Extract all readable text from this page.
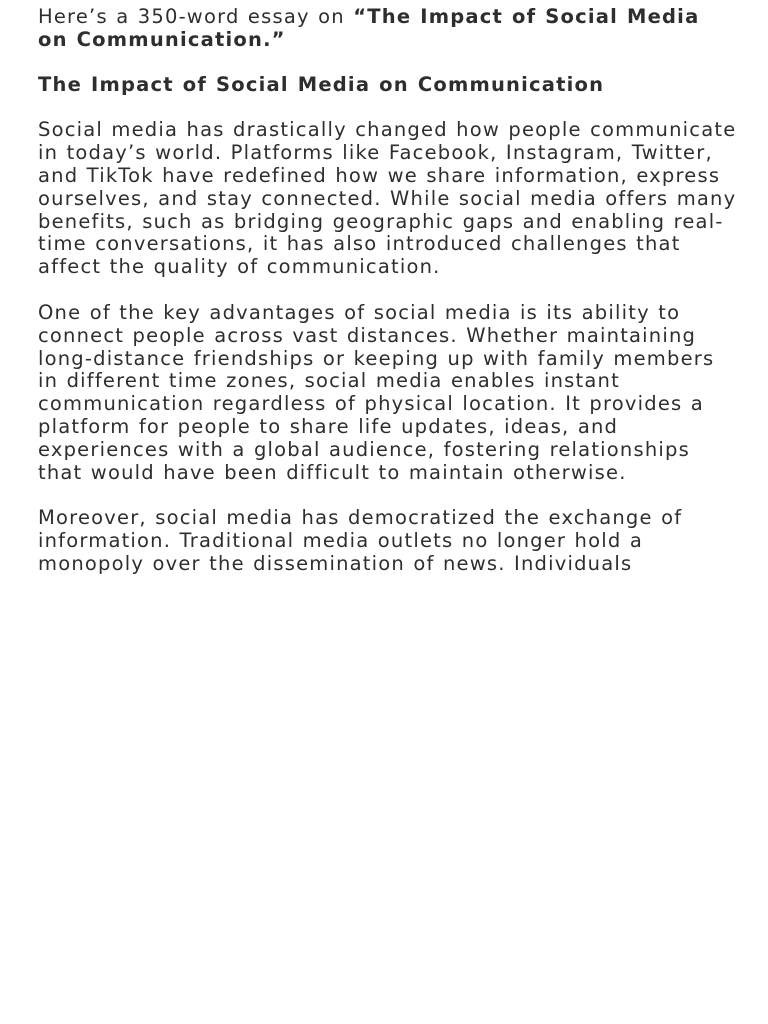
Here’s a 350-word essay on “The Impact of Social Media on Communication.”

The Impact of Social Media on Communication

Social media has drastically changed how people communicate in today’s world. Platforms like Facebook, Instagram, Twitter, and TikTok have redefined how we share information, express ourselves, and stay connected. While social media offers many benefits, such as bridging geographic gaps and enabling real-time conversations, it has also introduced challenges that affect the quality of communication.

One of the key advantages of social media is its ability to connect people across vast distances. Whether maintaining long-distance friendships or keeping up with family members in different time zones, social media enables instant communication regardless of physical location. It provides a platform for people to share life updates, ideas, and experiences with a global audience, fostering relationships that would have been difficult to maintain otherwise.

Moreover, social media has democratized the exchange of information. Traditional media outlets no longer hold a monopoly over the dissemination of news. Individuals
